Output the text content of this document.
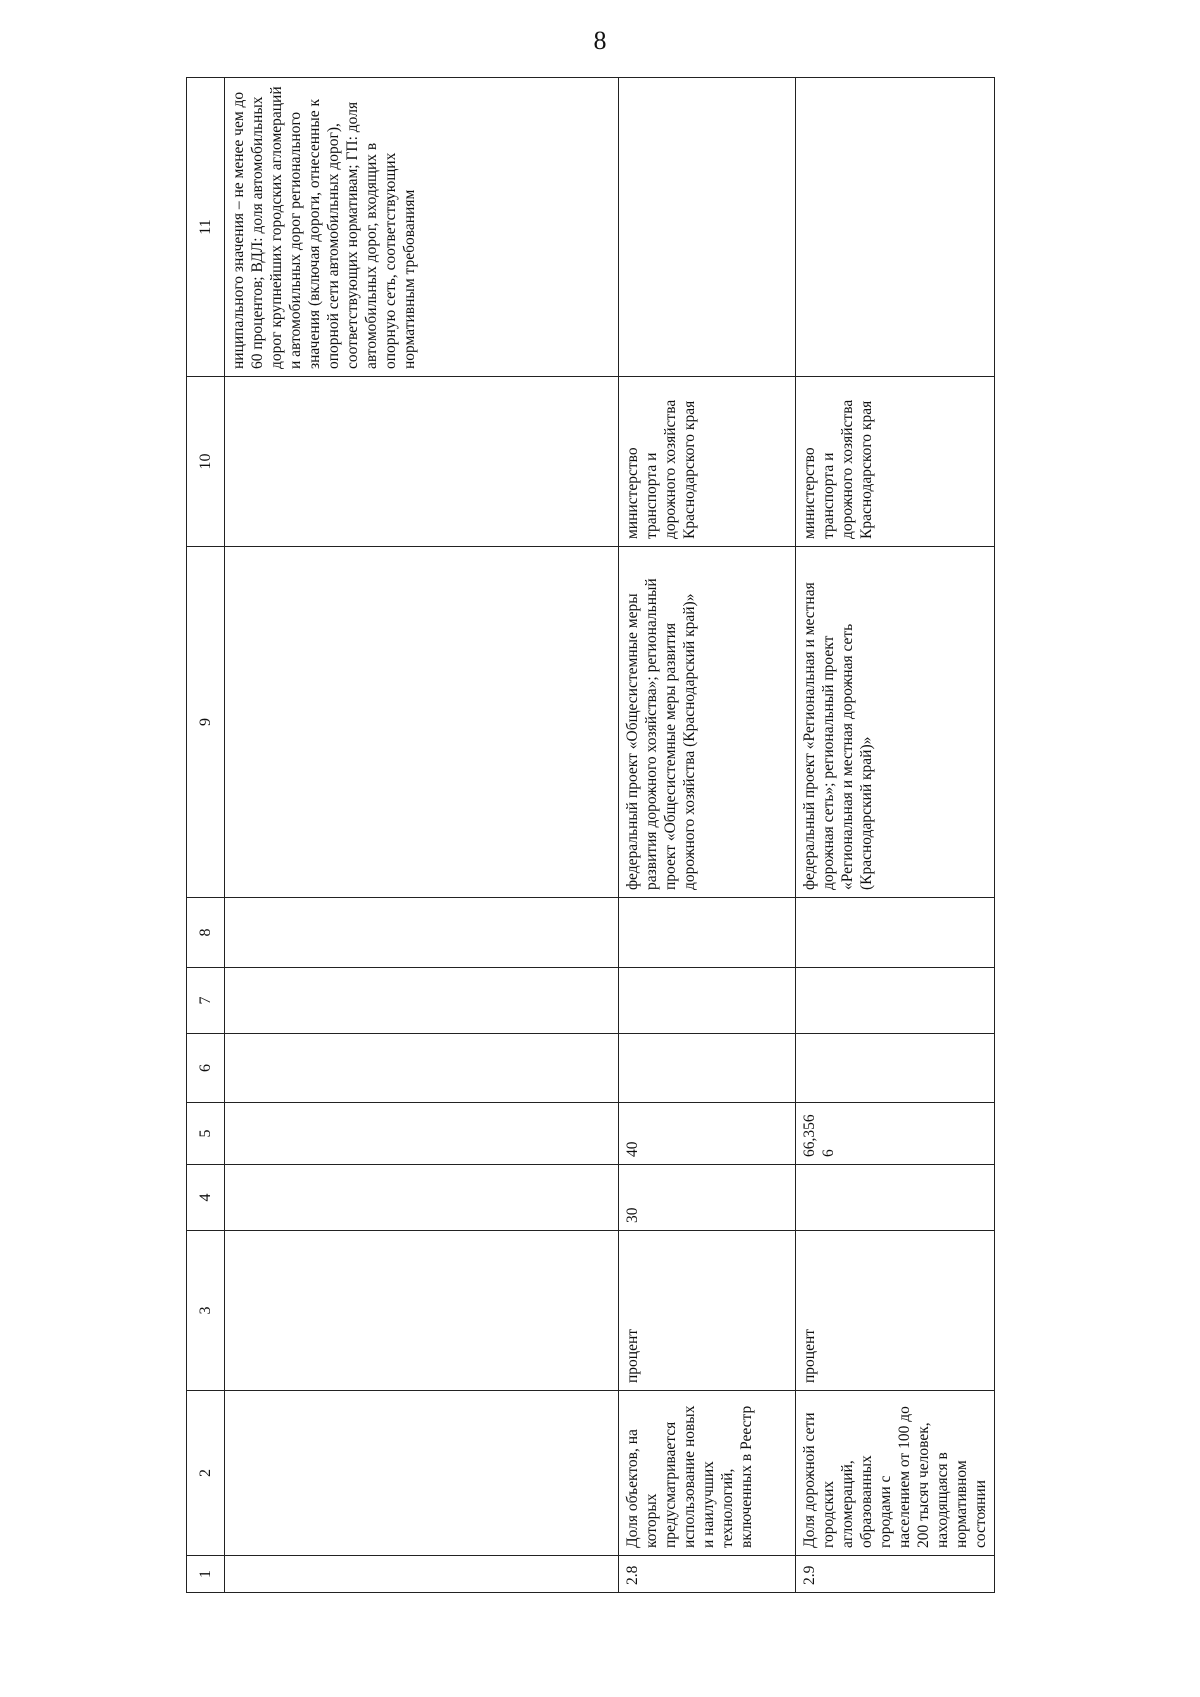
8
1	2	3	4	5	6	7	8	9	10	11
										ниципального значения – не менее чем до 60 процентов; ВДЛ: доля автомобильных дорог крупнейших городских агломераций и автомобильных дорог регионального значения (включая дороги, отнесенные к опорной сети автомобильных дорог), соответствующих нормативам; ГП: доля автомобильных дорог, входящих в опорную сеть, соответствующих нормативным требованиям
2.8	Доля объектов, на которых предусматривается использование новых и наилучших технологий, включенных в Реестр	процент	30	40				федеральный проект «Общесистемные меры развития дорожного хозяйства»; региональный проект «Общесистемные меры развития дорожного хозяйства (Краснодарский край)»	министерство транспорта и дорожного хозяйства Краснодарского края	
2.9	Доля дорожной сети городских агломераций, образованных городами с населением от 100 до 200 тысяч человек, находящаяся в нормативном состоянии	процент		66,3566				федеральный проект «Региональная и местная дорожная сеть»; региональный проект «Региональная и местная дорожная сеть (Краснодарский край)»	министерство транспорта и дорожного хозяйства Краснодарского края	
